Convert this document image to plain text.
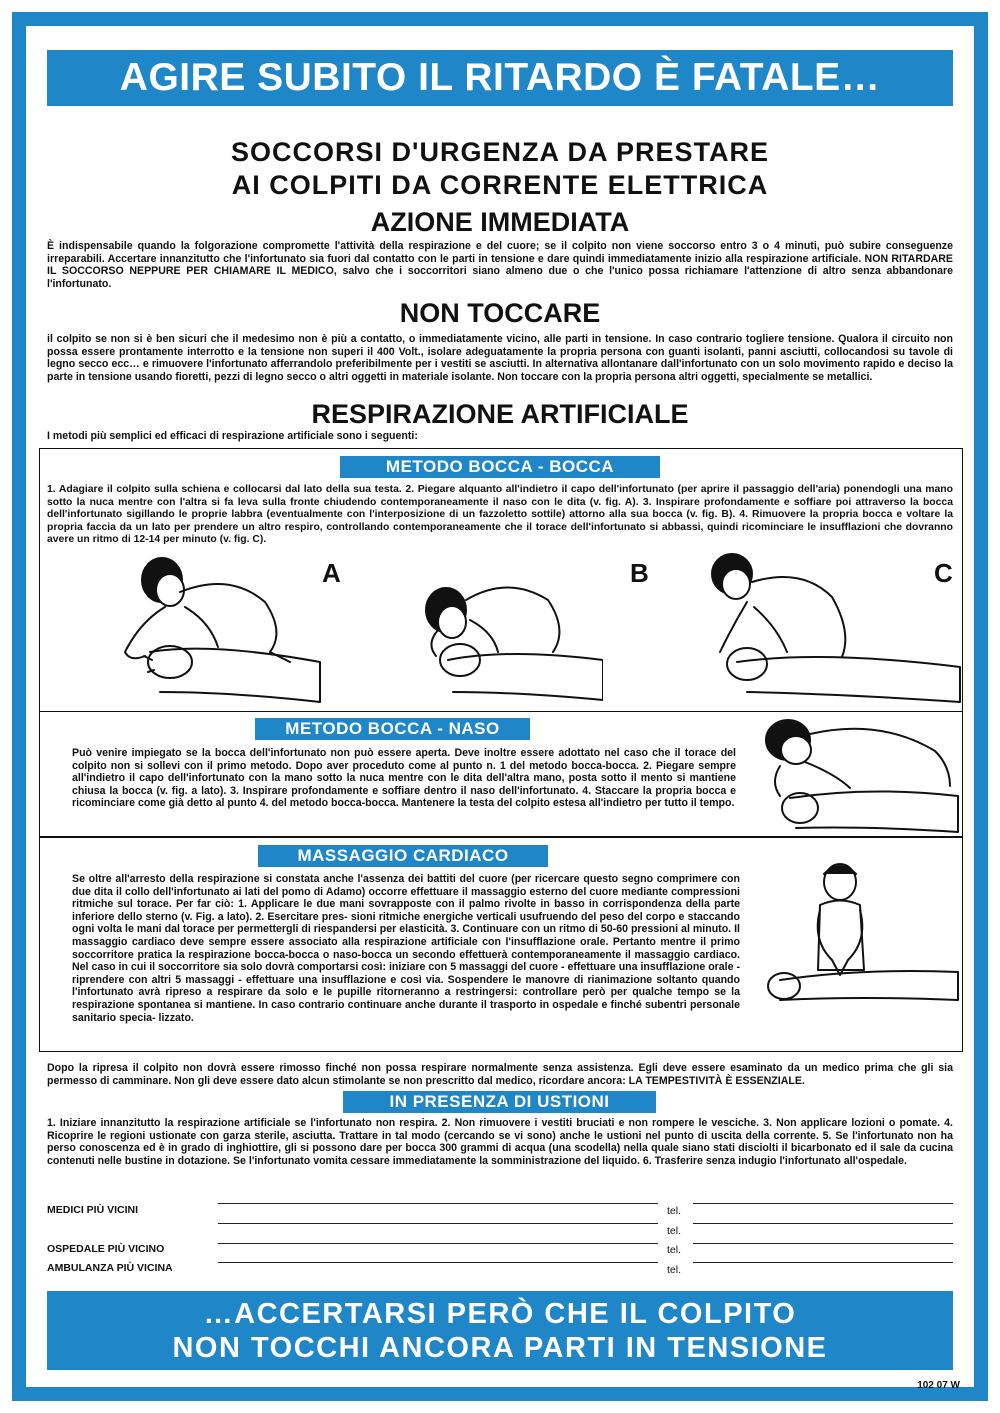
AGIRE SUBITO IL RITARDO È FATALE…
SOCCORSI D'URGENZA DA PRESTARE
AI COLPITI DA CORRENTE ELETTRICA
AZIONE IMMEDIATA
È indispensabile quando la folgorazione compromette l'attività della respirazione e del cuore; se il colpito non viene soccorso entro 3 o 4 minuti, può subire conseguenze irreparabili. Accertare innanzitutto che l'infortunato sia fuori dal contatto con le parti in tensione e dare quindi immediatamente inizio alla respirazione artificiale. NON RITARDARE IL SOCCORSO NEPPURE PER CHIAMARE IL MEDICO, salvo che i soccorritori siano almeno due o che l'unico possa richiamare l'attenzione di altro senza abbandonare l'infortunato.
NON TOCCARE
il colpito se non si è ben sicuri che il medesimo non è più a contatto, o immediatamente vicino, alle parti in tensione. In caso contrario togliere tensione. Qualora il circuito non possa essere prontamente interrotto e la tensione non superi il 400 Volt., isolare adeguatamente la propria persona con guanti isolanti, panni asciutti, collocandosi su tavole di legno secco ecc… e rimuovere l'infortunato afferrandolo preferibilmente per i vestiti se asciutti. In alternativa allontanare dall'infortunato con un solo movimento rapido e deciso la parte in tensione usando fioretti, pezzi di legno secco o altri oggetti in materiale isolante. Non toccare con la propria persona altri oggetti, specialmente se metallici.
RESPIRAZIONE ARTIFICIALE
I metodi più semplici ed efficaci di respirazione artificiale sono i seguenti:
METODO BOCCA - BOCCA
1. Adagiare il colpito sulla schiena e collocarsi dal lato della sua testa. 2. Piegare alquanto all'indietro il capo dell'infortunato (per aprire il passaggio dell'aria) ponendogli una mano sotto la nuca mentre con l'altra si fa leva sulla fronte chiudendo contemporaneamente il naso con le dita (v. fig. A). 3. Inspirare profondamente e soffiare poi attraverso la bocca dell'infortunato sigillando le proprie labbra (eventualmente con l'interposizione di un fazzoletto sottile) attorno alla sua bocca (v. fig. B). 4. Rimuovere la propria bocca e voltare la propria faccia da un lato per prendere un altro respiro, controllando contemporaneamente che il torace dell'infortunato si abbassi, quindi ricominciare le insufflazioni che dovranno avere un ritmo di 12-14 per minuto (v. fig. C).
A	B	C
METODO BOCCA - NASO
Può venire impiegato se la bocca dell'infortunato non può essere aperta. Deve inoltre essere adottato nel caso che il torace del colpito non si sollevi con il primo metodo. Dopo aver proceduto come al punto n. 1 del metodo bocca-bocca. 2. Piegare sempre all'indietro il capo dell'infortunato con la mano sotto la nuca mentre con le dita dell'altra mano, posta sotto il mento si mantiene chiusa la bocca (v. fig. a lato). 3. Inspirare profondamente e soffiare dentro il naso dell'infortunato. 4. Staccare la propria bocca e ricominciare come già detto al punto 4. del metodo bocca-bocca. Mantenere la testa del colpito estesa all'indietro per tutto il tempo.
MASSAGGIO CARDIACO
Se oltre all'arresto della respirazione si constata anche l'assenza dei battiti del cuore (per ricercare questo segno comprimere con due dita il collo dell'infortunato ai lati del pomo di Adamo) occorre effettuare il massaggio esterno del cuore mediante compressioni ritmiche sul torace. Per far ciò: 1. Applicare le due mani sovrapposte con il palmo rivolte in basso in corrispondenza della parte inferiore dello sterno (v. Fig. a lato). 2. Esercitare pres- sioni ritmiche energiche verticali usufruendo del peso del corpo e staccando ogni volta le mani dal torace per permettergli di riespandersi per elasticità. 3. Continuare con un ritmo di 50-60 pressioni al minuto. Il massaggio cardiaco deve sempre essere associato alla respirazione artificiale con l'insufflazione orale. Pertanto mentre il primo soccorritore pratica la respirazione bocca-bocca o naso-bocca un secondo effettuerà contemporaneamente il massaggio cardiaco. Nel caso in cui il soccorritore sia solo dovrà comportarsi così: iniziare con 5 massaggi del cuore - effettuare una insufflazione orale - riprendere con altri 5 massaggi - effettuare una insufflazione e così via. Sospendere le manovre di rianimazione soltanto quando l'infortunato avrà ripreso a respirare da solo e le pupille ritorneranno a restringersi: controllare però per qualche tempo se la respirazione spontanea si mantiene. In caso contrario continuare anche durante il trasporto in ospedale e finché subentri personale sanitario specia- lizzato.
Dopo la ripresa il colpito non dovrà essere rimosso finché non possa respirare normalmente senza assistenza. Egli deve essere esaminato da un medico prima che gli sia permesso di camminare. Non gli deve essere dato alcun stimolante se non prescritto dal medico, ricordare ancora: LA TEMPESTIVITÀ È ESSENZIALE.
IN PRESENZA DI USTIONI
1. Iniziare innanzitutto la respirazione artificiale se l'infortunato non respira. 2. Non rimuovere i vestiti bruciati e non rompere le vesciche. 3. Non applicare lozioni o pomate. 4. Ricoprire le regioni ustionate con garza sterile, asciutta. Trattare in tal modo (cercando se vi sono) anche le ustioni nel punto di uscita della corrente. 5. Se l'infortunato non ha perso conoscenza ed è in grado di inghiottire, gli si possono dare per bocca 300 grammi di acqua (una scodella) nella quale siano stati disciolti il bicarbonato ed il sale da cucina contenuti nelle bustine in dotazione. Se l'infortunato vomita cessare immediatamente la somministrazione del liquido. 6. Trasferire senza indugio l'infortunato all'ospedale.
MEDICI PIÙ VICINI	tel.
tel.
OSPEDALE PIÙ VICINO	tel.
AMBULANZA PIÙ VICINA	tel.
…ACCERTARSI PERÒ CHE IL COLPITO
NON TOCCHI ANCORA PARTI IN TENSIONE
102 07 W
